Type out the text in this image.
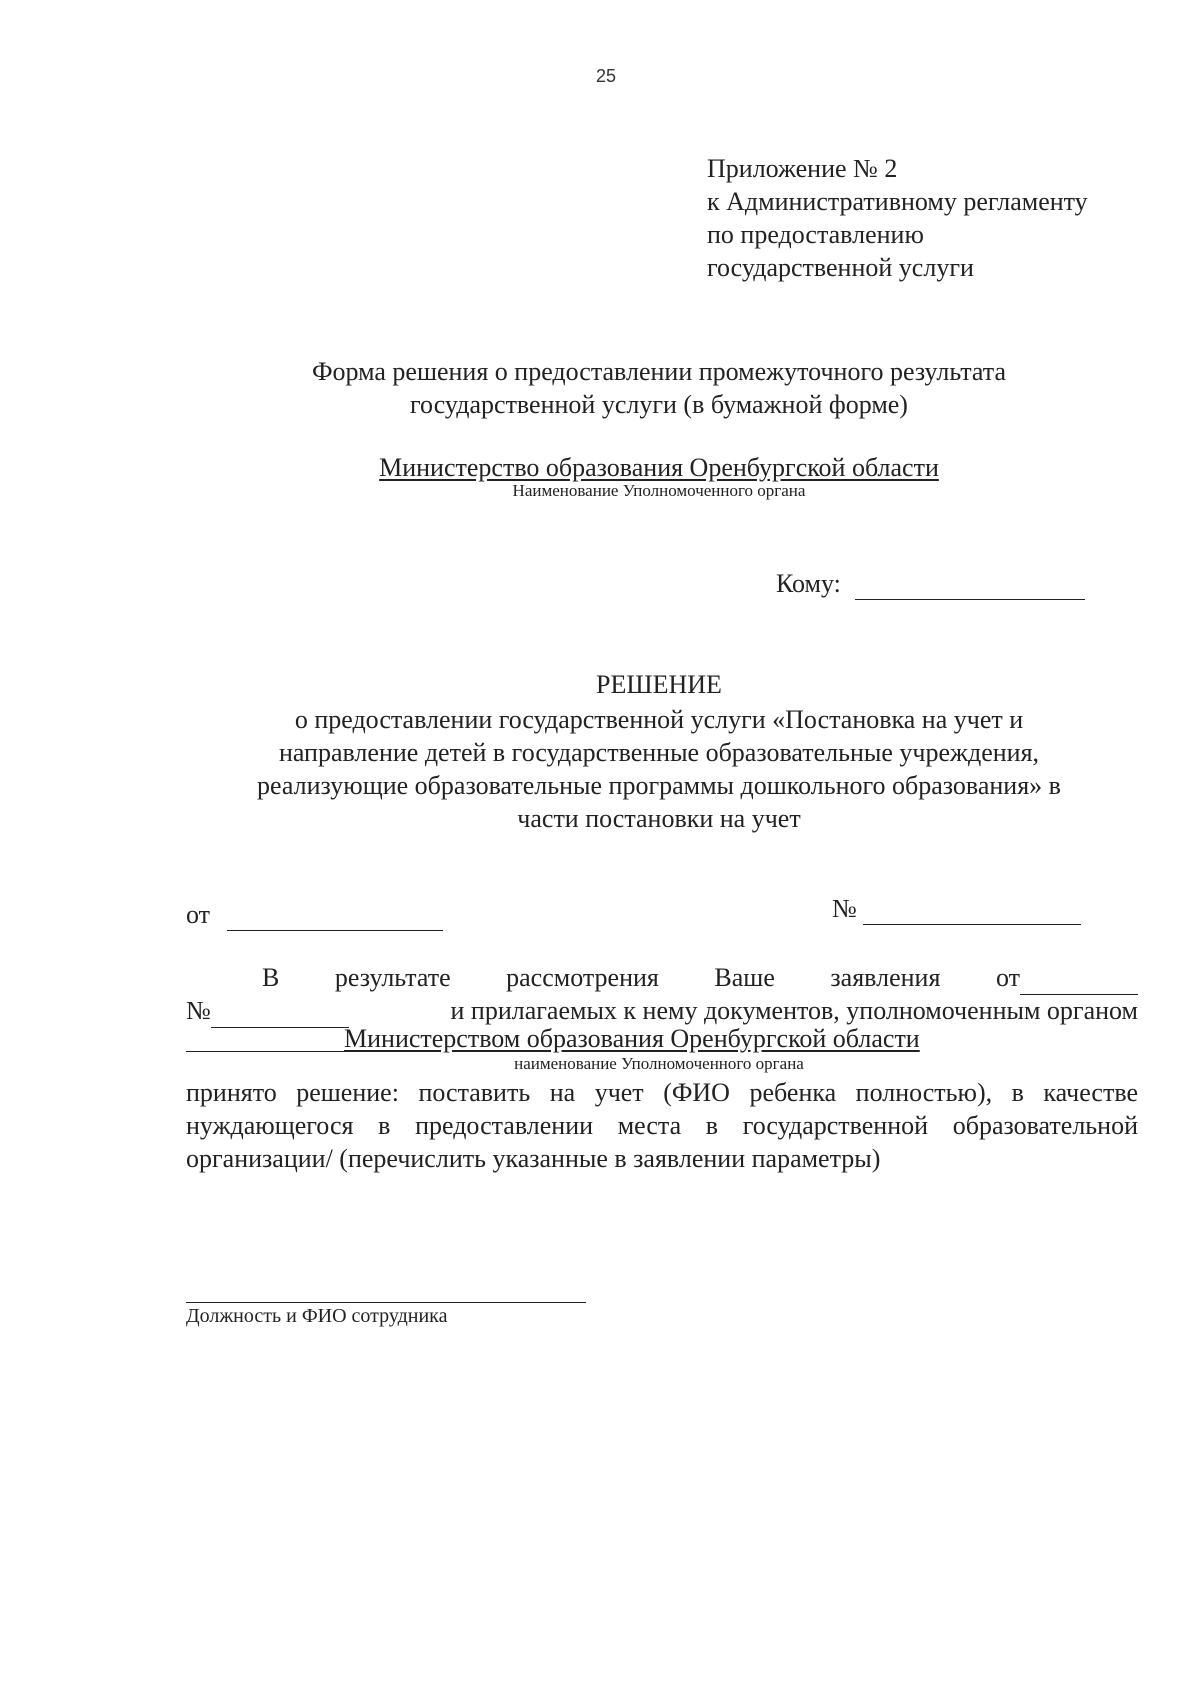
25
Приложение № 2
к Административному регламенту
по предоставлению
государственной услуги
Форма решения о предоставлении промежуточного результата
государственной услуги (в бумажной форме)
Министерство образования Оренбургской области
Наименование Уполномоченного органа
Кому:
РЕШЕНИЕ
о предоставлении государственной услуги «Постановка на учет и
направление детей в государственные образовательные учреждения,
реализующие образовательные программы дошкольного образования» в
части постановки на учет
от	№
В результате рассмотрения Ваше заявления от
№	и прилагаемых к нему документов, уполномоченным органом
Министерством образования Оренбургской области
наименование Уполномоченного органа
принято решение: поставить на учет (ФИО ребенка полностью), в качестве нуждающегося в предоставлении места в государственной образовательной организации/ (перечислить указанные в заявлении параметры)
Должность и ФИО сотрудника
